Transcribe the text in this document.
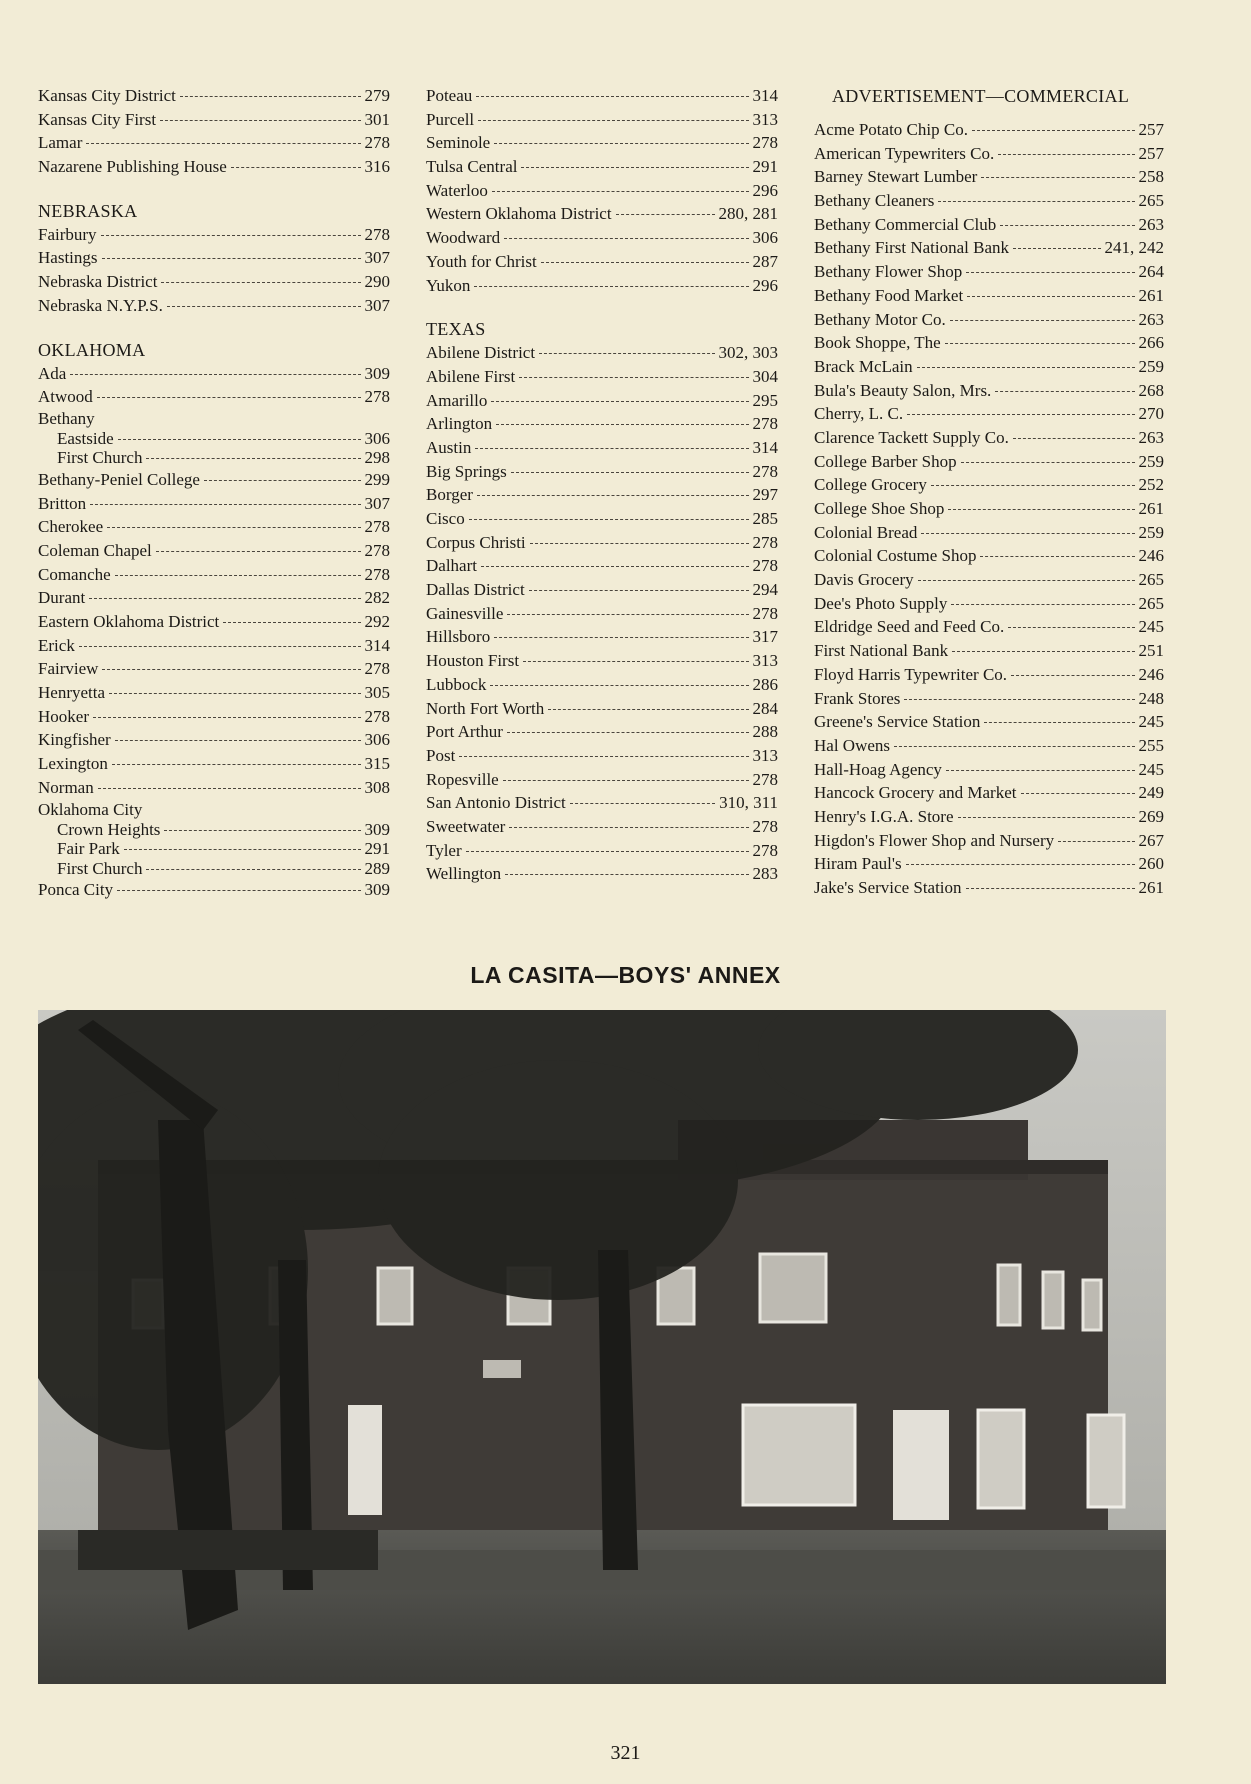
Kansas City District	279
Kansas City First	301
Lamar	278
Nazarene Publishing House	316
NEBRASKA
Fairbury	278
Hastings	307
Nebraska District	290
Nebraska N.Y.P.S.	307
OKLAHOMA
Ada	309
Atwood	278
Bethany
Eastside	306
First Church	298
Bethany-Peniel College	299
Britton	307
Cherokee	278
Coleman Chapel	278
Comanche	278
Durant	282
Eastern Oklahoma District	292
Erick	314
Fairview	278
Henryetta	305
Hooker	278
Kingfisher	306
Lexington	315
Norman	308
Oklahoma City
Crown Heights	309
Fair Park	291
First Church	289
Ponca City	309
Poteau	314
Purcell	313
Seminole	278
Tulsa Central	291
Waterloo	296
Western Oklahoma District	280, 281
Woodward	306
Youth for Christ	287
Yukon	296
TEXAS
Abilene District	302, 303
Abilene First	304
Amarillo	295
Arlington	278
Austin	314
Big Springs	278
Borger	297
Cisco	285
Corpus Christi	278
Dalhart	278
Dallas District	294
Gainesville	278
Hillsboro	317
Houston First	313
Lubbock	286
North Fort Worth	284
Port Arthur	288
Post	313
Ropesville	278
San Antonio District	310, 311
Sweetwater	278
Tyler	278
Wellington	283
ADVERTISEMENT—COMMERCIAL
Acme Potato Chip Co.	257
American Typewriters Co.	257
Barney Stewart Lumber	258
Bethany Cleaners	265
Bethany Commercial Club	263
Bethany First National Bank	241, 242
Bethany Flower Shop	264
Bethany Food Market	261
Bethany Motor Co.	263
Book Shoppe, The	266
Brack McLain	259
Bula's Beauty Salon, Mrs.	268
Cherry, L. C.	270
Clarence Tackett Supply Co.	263
College Barber Shop	259
College Grocery	252
College Shoe Shop	261
Colonial Bread	259
Colonial Costume Shop	246
Davis Grocery	265
Dee's Photo Supply	265
Eldridge Seed and Feed Co.	245
First National Bank	251
Floyd Harris Typewriter Co.	246
Frank Stores	248
Greene's Service Station	245
Hal Owens	255
Hall-Hoag Agency	245
Hancock Grocery and Market	249
Henry's I.G.A. Store	269
Higdon's Flower Shop and Nursery	267
Hiram Paul's	260
Jake's Service Station	261
LA CASITA—BOYS' ANNEX
321
